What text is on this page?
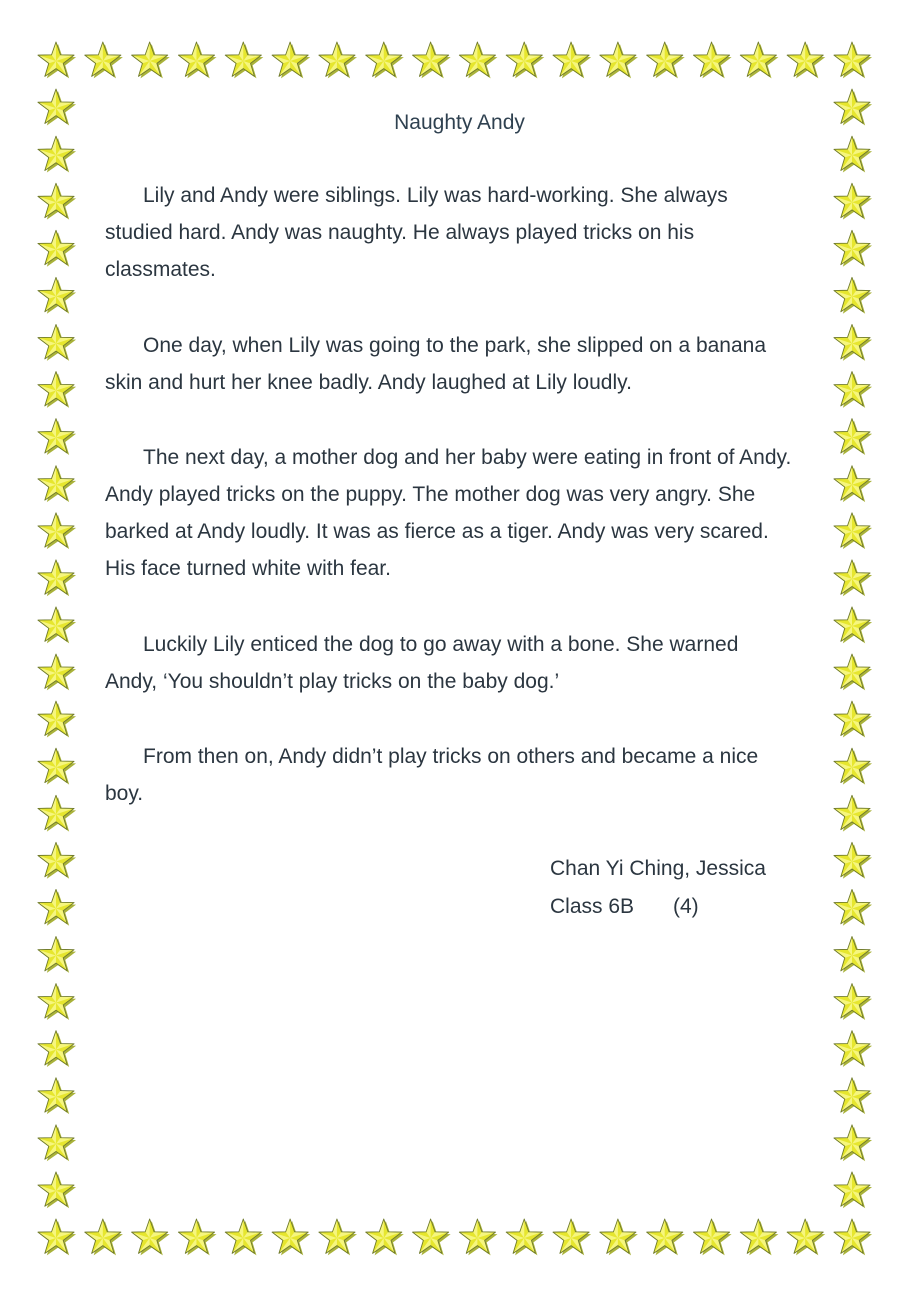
Naughty Andy

Lily and Andy were siblings. Lily was hard-working. She always studied hard. Andy was naughty. He always played tricks on his classmates.

One day, when Lily was going to the park, she slipped on a banana skin and hurt her knee badly. Andy laughed at Lily loudly.

The next day, a mother dog and her baby were eating in front of Andy. Andy played tricks on the puppy. The mother dog was very angry. She barked at Andy loudly. It was as fierce as a tiger. Andy was very scared. His face turned white with fear.

Luckily Lily enticed the dog to go away with a bone. She warned Andy, ‘You shouldn’t play tricks on the baby dog.’

From then on, Andy didn’t play tricks on others and became a nice boy.

Chan Yi Ching, Jessica
Class 6B (4)
